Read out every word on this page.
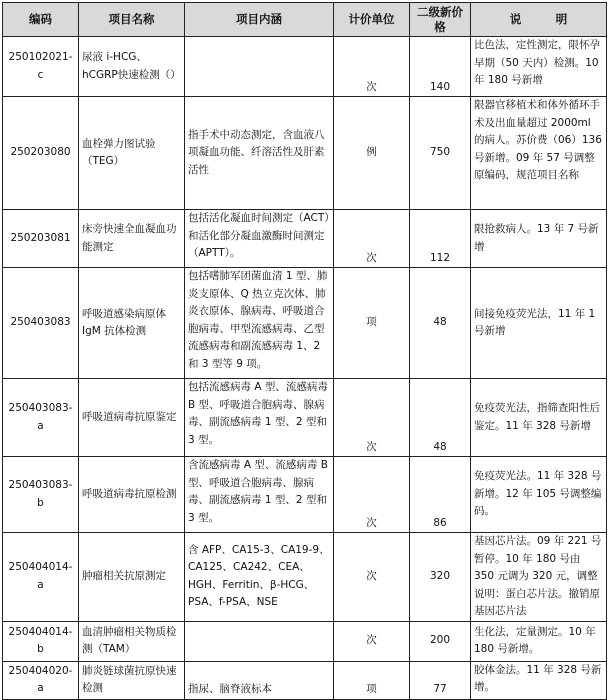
编码	项目名称	项目内涵	计价单位	二级新价格	说　　　明
250102021-c	尿液 i-HCG、hCGRP快速检测（）		次	140	比色法，定性测定，限怀孕早期（50 天内）检测。10 年 180 号新增
250203080	血栓弹力图试验（TEG）	指手术中动态测定，含血液八项凝血功能、纤溶活性及肝素活性	例	750	限器官移植术和体外循环手术及出血量超过 2000ml 的病人。苏价费（06）136 号新增。09 年 57 号调整原编码，规范项目名称
250203081	床旁快速全血凝血功能测定	包括活化凝血时间测定（ACT）和活化部分凝血激酶时间测定（APTT）。	次	112	限抢救病人。13 年 7 号新增
250403083	呼吸道感染病原体 IgM 抗体检测	包括嗜肺军团菌血清 1 型、肺炎支原体、Q 热立克次体、肺炎衣原体、腺病毒、呼吸道合胞病毒、甲型流感病毒、乙型流感病毒和副流感病毒 1、2 和 3 型等 9 项。	项	48	间接免疫荧光法，11 年 1 号新增
250403083-a	呼吸道病毒抗原鉴定	包括流感病毒 A 型、流感病毒 B 型、呼吸道合胞病毒、腺病毒、副流感病毒 1 型、2 型和 3 型。	次	48	免疫荧光法，指筛查阳性后鉴定。11 年 328 号新增
250403083-b	呼吸道病毒抗原检测	含流感病毒 A 型、流感病毒 B 型、呼吸道合胞病毒、腺病毒、副流感病毒 1 型、2 型和 3 型。	次	86	免疫荧光法。11 年 328 号新增。12 年 105 号调整编码。
250404014-a	肿瘤相关抗原测定	含 AFP、CA15-3、CA19-9、CA125、CA242、CEA、HGH、Ferritin、β-HCG、PSA、f-PSA、NSE	次	320	基因芯片法。09 年 221 号暂停。10 年 180 号由 350 元调为 320 元，调整说明：蛋白芯片法。撤销原基因芯片法
250404014-b	血清肿瘤相关物质检测（TAM）		次	200	生化法，定量测定。10 年 180 号新增。
250404020-a	肺炎链球菌抗原快速检测	指尿、脑脊液标本	项	77	胶体金法。11 年 328 号新增。
